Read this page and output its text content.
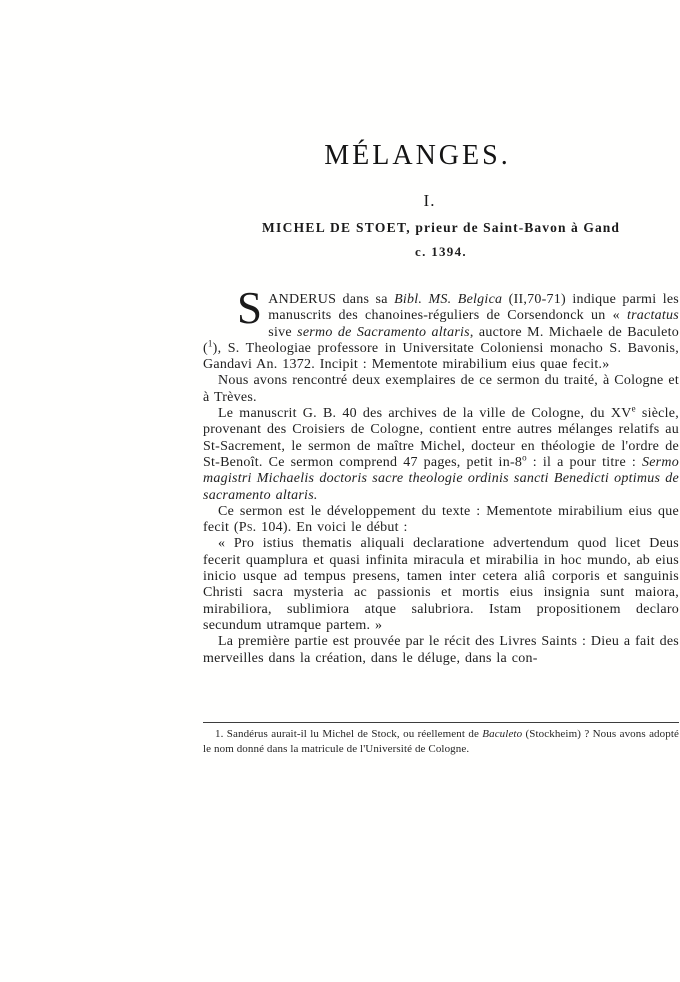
MÉLANGES.
I.
MICHEL DE STOET, prieur de Saint-Bavon à Gand
c. 1394.

SANDERUS dans sa Bibl. MS. Belgica (II,70-71) indique parmi les manuscrits des chanoines-réguliers de Corsendonck un « tractatus sive sermo de Sacramento altaris, auctore M. Michaele de Baculeto ($^1$), S. Theologiae professore in Universitate Coloniensi monacho S. Bavonis, Gandavi An. 1372. Incipit : Mementote mirabilium eius quae fecit.»

Nous avons rencontré deux exemplaires de ce sermon du traité, à Cologne et à Trèves.

Le manuscrit G. B. 40 des archives de la ville de Cologne, du XVe siècle, provenant des Croisiers de Cologne, contient entre autres mélanges relatifs au St-Sacrement, le sermon de maître Michel, docteur en théologie de l'ordre de St-Benoît. Ce sermon comprend 47 pages, petit in-8$^o$ : il a pour titre : Sermo magistri Michaelis doctoris sacre theologie ordinis sancti Benedicti optimus de sacramento altaris.

Ce sermon est le développement du texte : Mementote mirabilium eius que fecit (Ps. 104). En voici le début :

« Pro istius thematis aliquali declaratione advertendum quod licet Deus fecerit quamplura et quasi infinita miracula et mirabilia in hoc mundo, ab eius inicio usque ad tempus presens, tamen inter cetera aliâ corporis et sanguinis Christi sacra mysteria ac passionis et mortis eius insignia sunt maiora, mirabiliora, sublimiora atque salubriora. Istam propositionem declaro secundum utramque partem. »

La première partie est prouvée par le récit des Livres Saints : Dieu a fait des merveilles dans la création, dans le déluge, dans la con-

1. Sandérus aurait-il lu Michel de Stock, ou réellement de Baculeto (Stockheim) ? Nous avons adopté le nom donné dans la matricule de l'Université de Cologne.
